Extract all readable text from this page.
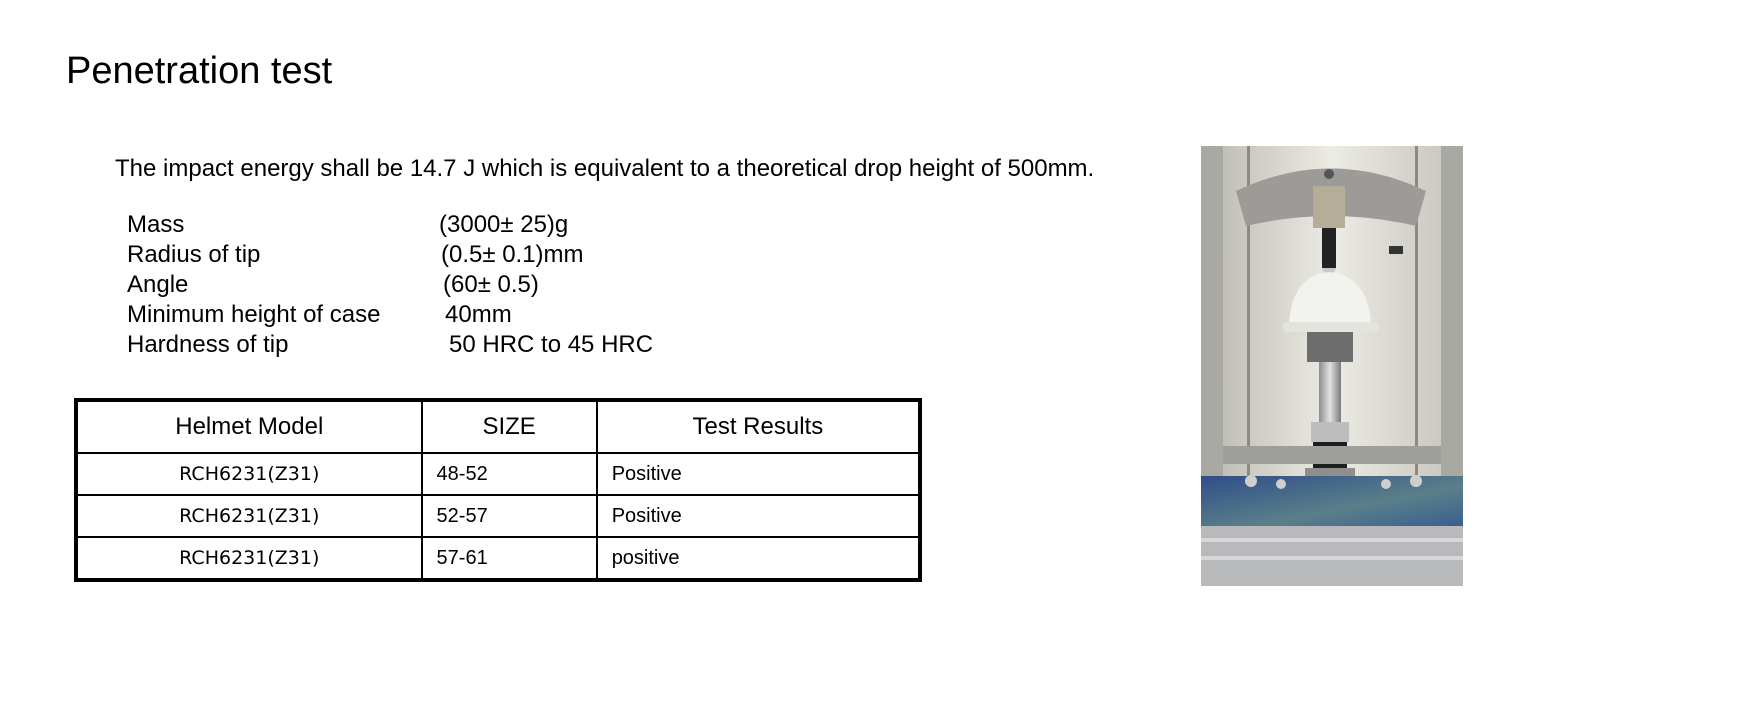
Penetration test
The impact energy shall be 14.7 J which is equivalent to a theoretical drop height of 500mm.
Mass	(3000± 25)g
Radius of tip	(0.5± 0.1)mm
Angle	(60± 0.5)
Minimum height of case	40mm
Hardness of tip	50 HRC to 45 HRC
Helmet Model	SIZE	Test Results
RCH6231(Z31)	48-52	Positive
RCH6231(Z31)	52-57	Positive
RCH6231(Z31)	57-61	positive
